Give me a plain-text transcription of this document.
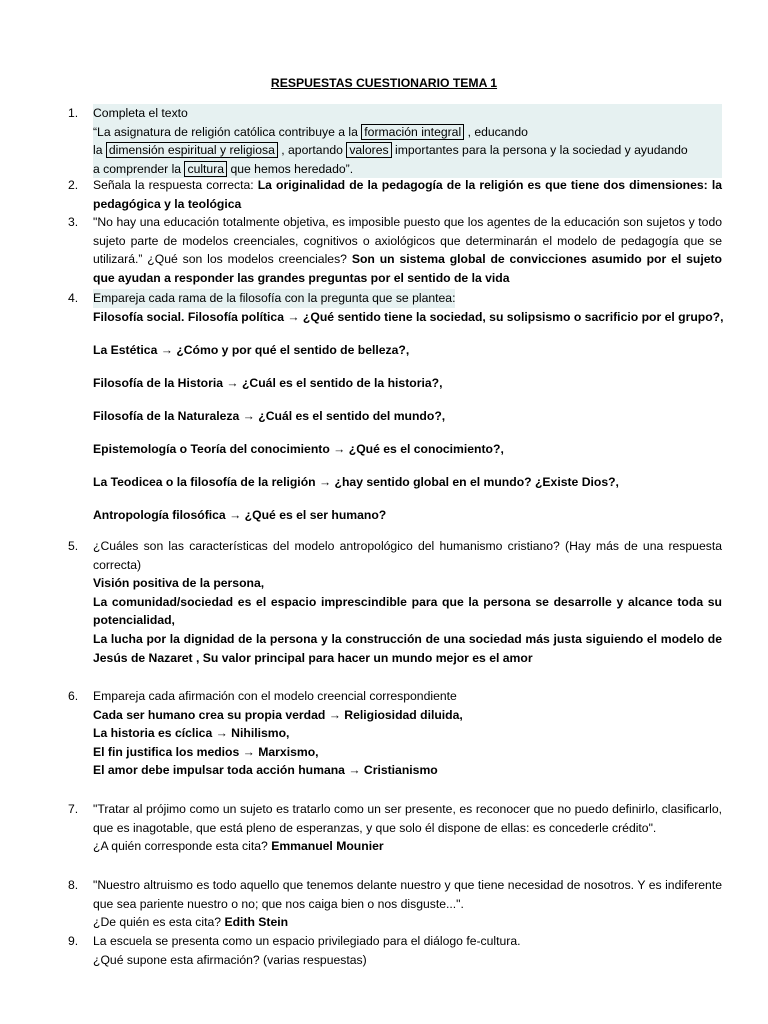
RESPUESTAS CUESTIONARIO TEMA 1
1.	Completa el texto
“La asignatura de religión católica contribuye a la formación integral , educando
la dimensión espiritual y religiosa , aportando valores importantes para la persona y la sociedad y ayudando
a comprender la cultura que hemos heredado”.
2.	Señala la respuesta correcta: La originalidad de la pedagogía de la religión es que tiene dos dimensiones: la pedagógica y la teológica
3.	"No hay una educación totalmente objetiva, es imposible puesto que los agentes de la educación son sujetos y todo sujeto parte de modelos creenciales, cognitivos o axiológicos que determinarán el modelo de pedagogía que se utilizará.” ¿Qué son los modelos creenciales? Son un sistema global de convicciones asumido por el sujeto que ayudan a responder las grandes preguntas por el sentido de la vida
4.	Empareja cada rama de la filosofía con la pregunta que se plantea:
Filosofía social. Filosofía política → ¿Qué sentido tiene la sociedad, su solipsismo o sacrificio por el grupo?,
La Estética → ¿Cómo y por qué el sentido de belleza?,
Filosofía de la Historia → ¿Cuál es el sentido de la historia?,
Filosofía de la Naturaleza → ¿Cuál es el sentido del mundo?,
Epistemología o Teoría del conocimiento → ¿Qué es el conocimiento?,
La Teodicea o la filosofía de la religión → ¿hay sentido global en el mundo? ¿Existe Dios?,
Antropología filosófica → ¿Qué es el ser humano?
5.	¿Cuáles son las características del modelo antropológico del humanismo cristiano? (Hay más de una respuesta correcta)
Visión positiva de la persona,
La comunidad/sociedad es el espacio imprescindible para que la persona se desarrolle y alcance toda su potencialidad,
La lucha por la dignidad de la persona y la construcción de una sociedad más justa siguiendo el modelo de Jesús de Nazaret , Su valor principal para hacer un mundo mejor es el amor
6.	Empareja cada afirmación con el modelo creencial correspondiente
Cada ser humano crea su propia verdad → Religiosidad diluida,
La historia es cíclica → Nihilismo,
El fin justifica los medios → Marxismo,
El amor debe impulsar toda acción humana → Cristianismo
7.	"Tratar al prójimo como un sujeto es tratarlo como un ser presente, es reconocer que no puedo definirlo, clasificarlo, que es inagotable, que está pleno de esperanzas, y que solo él dispone de ellas: es concederle crédito".
¿A quién corresponde esta cita? Emmanuel Mounier
8.	"Nuestro altruismo es todo aquello que tenemos delante nuestro y que tiene necesidad de nosotros. Y es indiferente que sea pariente nuestro o no; que nos caiga bien o nos disguste...".
¿De quién es esta cita? Edith Stein
9.	La escuela se presenta como un espacio privilegiado para el diálogo fe-cultura.
¿Qué supone esta afirmación? (varias respuestas)
